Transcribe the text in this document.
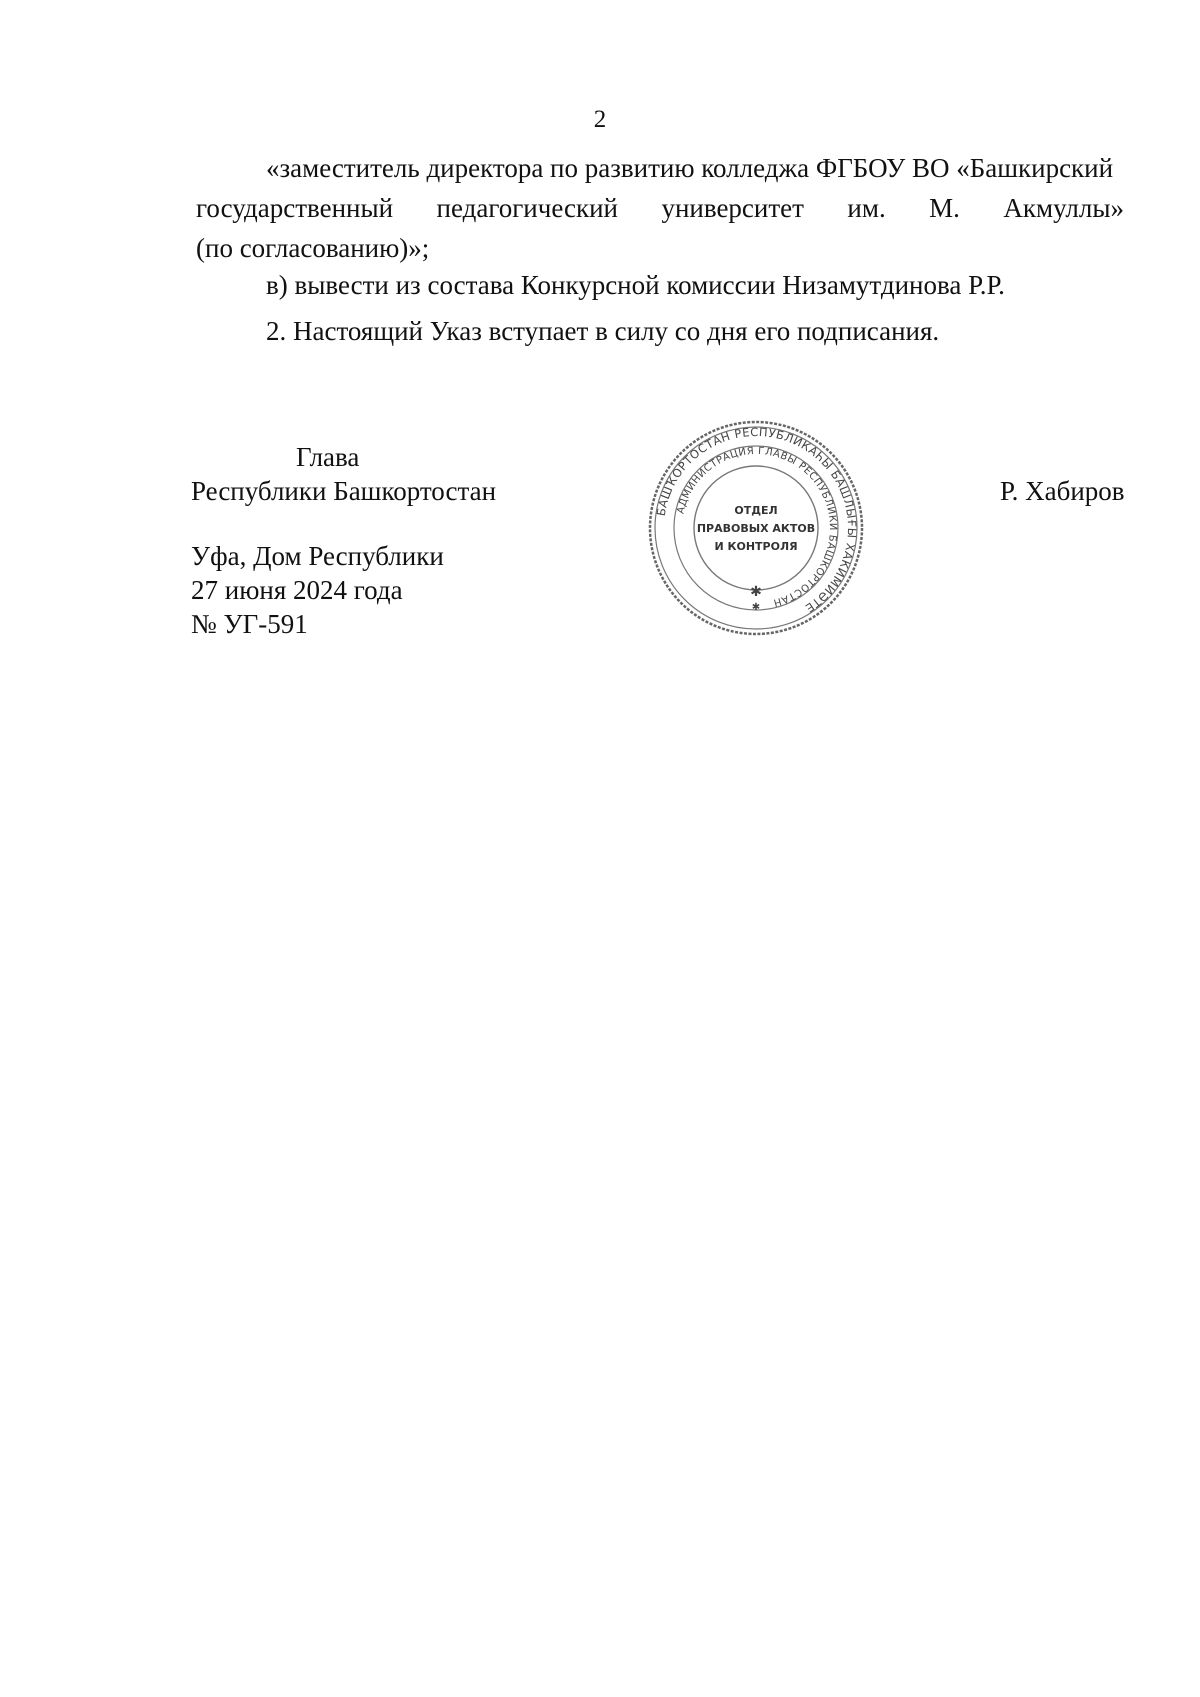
2
«заместитель директора по развитию колледжа ФГБОУ ВО «Башкирский
государственный педагогический университет им. М. Акмуллы»
(по согласованию)»;
в) вывести из состава Конкурсной комиссии Низамутдинова Р.Р.
2. Настоящий Указ вступает в силу со дня его подписания.
Глава
Республики Башкортостан	Р. Хабиров
Уфа, Дом Республики
27 июня 2024 года
№ УГ-591
БАШҠОРТОСТАН РЕСПУБЛИКАҺЫ БАШЛЫҒЫ ХАКИМИӘТЕ
АДМИНИСТРАЦИЯ ГЛАВЫ РЕСПУБЛИКИ БАШКОРТОСТАН
ОТДЕЛ
ПРАВОВЫХ АКТОВ
И КОНТРОЛЯ
✱
✱
